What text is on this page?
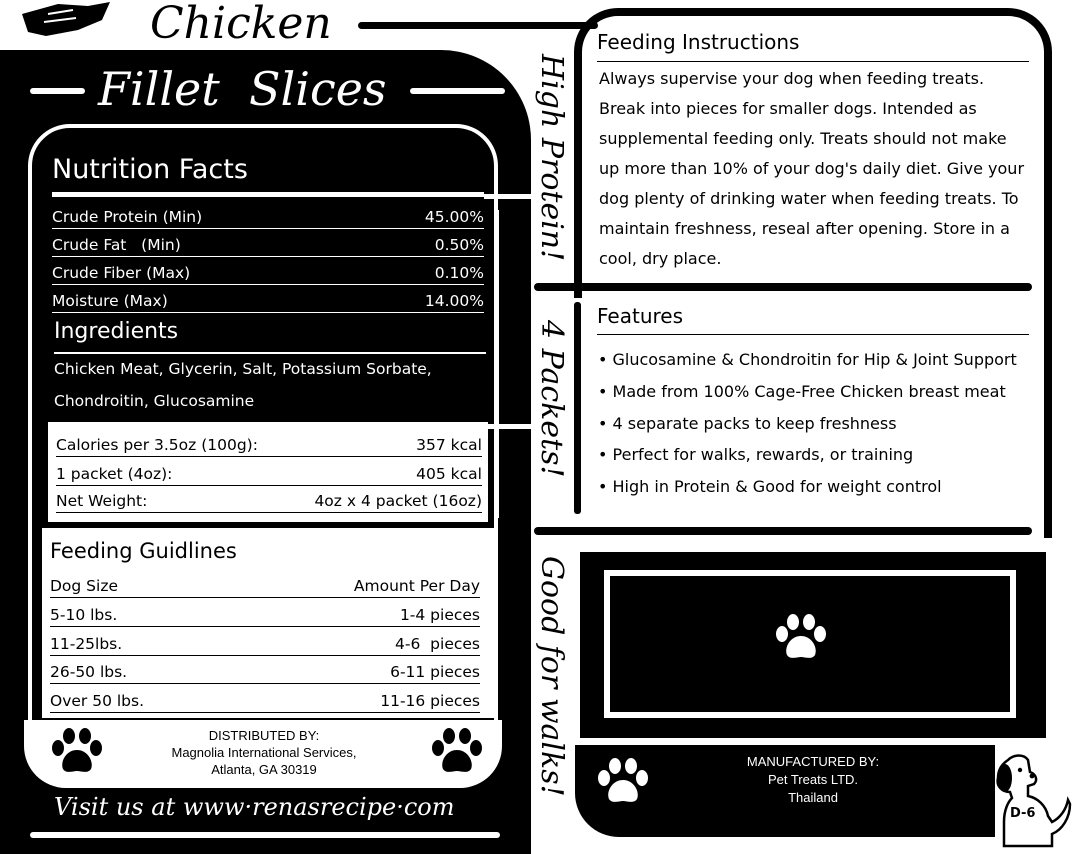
Chicken
Fillet  Slices
Nutrition Facts
Crude Protein (Min)	45.00%
Crude Fat   (Min)	0.50%
Crude Fiber (Max)	0.10%
Moisture (Max)	14.00%
Ingredients
Chicken Meat, Glycerin, Salt, Potassium Sorbate,
Chondroitin, Glucosamine
Calories per 3.5oz (100g):	357 kcal
1 packet (4oz):	405 kcal
Net Weight:	4oz x 4 packet (16oz)
Feeding Guidlines
Dog Size	Amount Per Day
5-10 lbs.	1-4 pieces
11-25lbs.	4-6  pieces
26-50 lbs.	6-11 pieces
Over 50 lbs.	11-16 pieces
DISTRIBUTED BY:
Magnolia International Services,
Atlanta, GA 30319
Visit us at www·renasrecipe·com
High Protein!
4 Packets!
Good for walks!
Feeding Instructions
Always supervise your dog when feeding treats.
Break into pieces for smaller dogs. Intended as
supplemental feeding only. Treats should not make
up more than 10% of your dog's daily diet. Give your
dog plenty of drinking water when feeding treats. To
maintain freshness, reseal after opening. Store in a
cool, dry place.
Features
• Glucosamine & Chondroitin for Hip & Joint Support
• Made from 100% Cage-Free Chicken breast meat
• 4 separate packs to keep freshness
• Perfect for walks, rewards, or training
• High in Protein & Good for weight control
MANUFACTURED BY:
Pet Treats LTD.
Thailand
D-6
